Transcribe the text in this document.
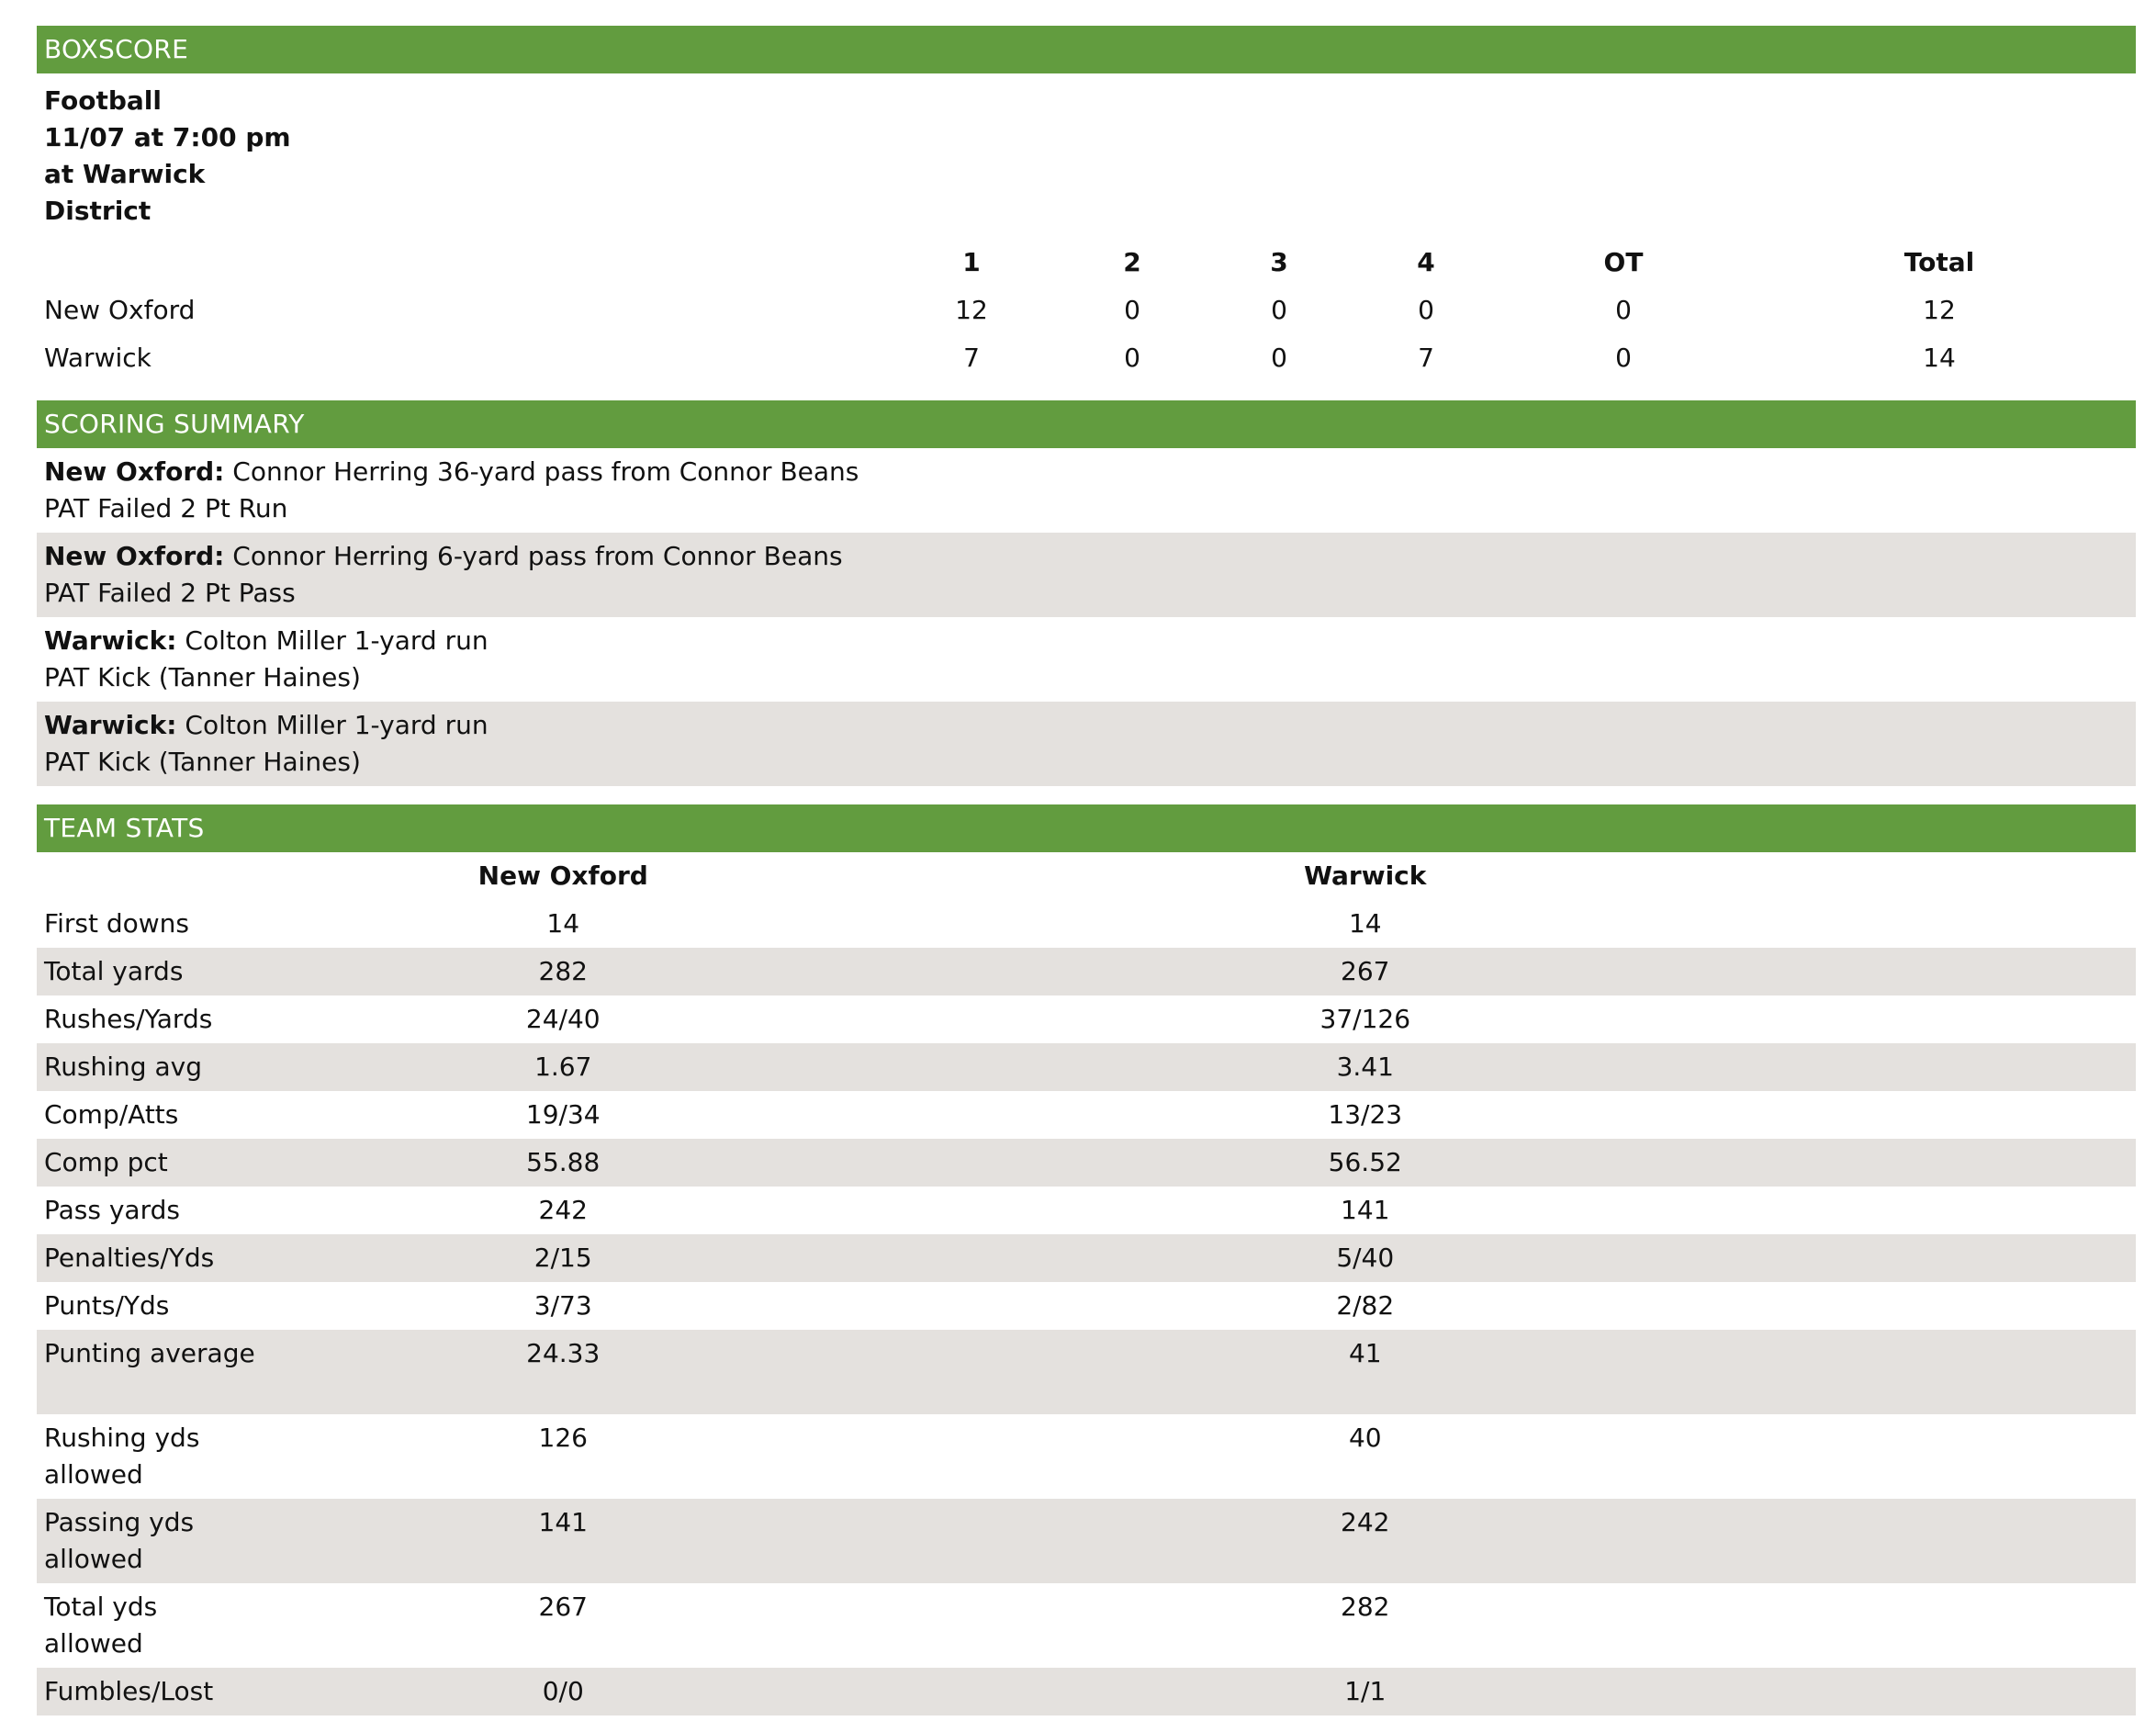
BOXSCORE
Football
11/07 at 7:00 pm
at Warwick
District
	1	2	3	4	OT	Total
New Oxford	12	0	0	0	0	12
Warwick	7	0	0	7	0	14
SCORING SUMMARY
New Oxford: Connor Herring 36-yard pass from Connor Beans
PAT Failed 2 Pt Run
New Oxford: Connor Herring 6-yard pass from Connor Beans
PAT Failed 2 Pt Pass
Warwick: Colton Miller 1-yard run
PAT Kick (Tanner Haines)
Warwick: Colton Miller 1-yard run
PAT Kick (Tanner Haines)
TEAM STATS
	New Oxford	Warwick
First downs	14	14
Total yards	282	267
Rushes/Yards	24/40	37/126
Rushing avg	1.67	3.41
Comp/Atts	19/34	13/23
Comp pct	55.88	56.52
Pass yards	242	141
Penalties/Yds	2/15	5/40
Punts/Yds	3/73	2/82
Punting average	24.33	41
Rushing yds allowed	126	40
Passing yds allowed	141	242
Total yds allowed	267	282
Fumbles/Lost	0/0	1/1
